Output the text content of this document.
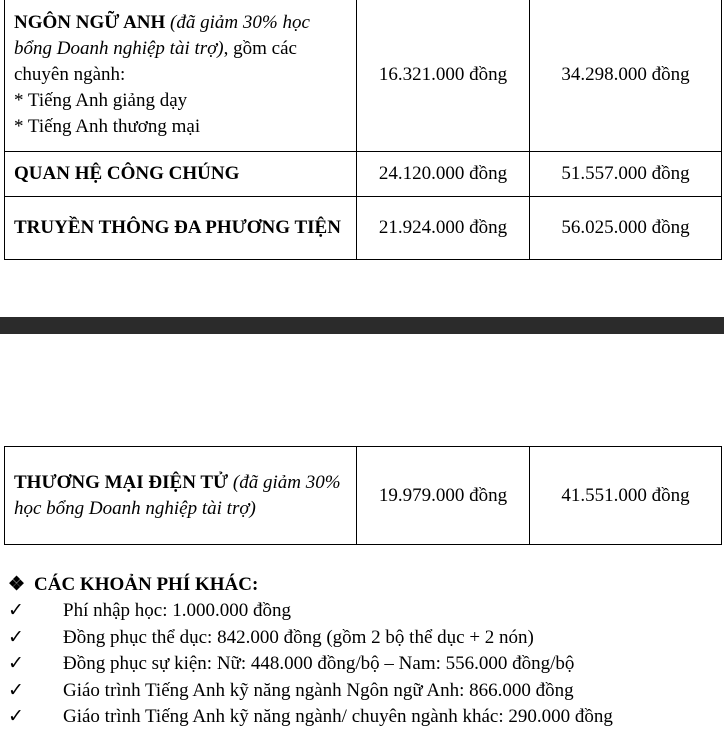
NGÔN NGỮ ANH (đã giảm 30% học bổng Doanh nghiệp tài trợ), gồm các chuyên ngành:
* Tiếng Anh giảng dạy
* Tiếng Anh thương mại	16.321.000 đồng	34.298.000 đồng
QUAN HỆ CÔNG CHÚNG	24.120.000 đồng	51.557.000 đồng
TRUYỀN THÔNG ĐA PHƯƠNG TIỆN	21.924.000 đồng	56.025.000 đồng
THƯƠNG MẠI ĐIỆN TỬ (đã giảm 30% học bổng Doanh nghiệp tài trợ)	19.979.000 đồng	41.551.000 đồng
❖ CÁC KHOẢN PHÍ KHÁC:
✓ Phí nhập học: 1.000.000 đồng
✓ Đồng phục thể dục: 842.000 đồng (gồm 2 bộ thể dục + 2 nón)
✓ Đồng phục sự kiện: Nữ: 448.000 đồng/bộ – Nam: 556.000 đồng/bộ
✓ Giáo trình Tiếng Anh kỹ năng ngành Ngôn ngữ Anh: 866.000 đồng
✓ Giáo trình Tiếng Anh kỹ năng ngành/ chuyên ngành khác: 290.000 đồng
